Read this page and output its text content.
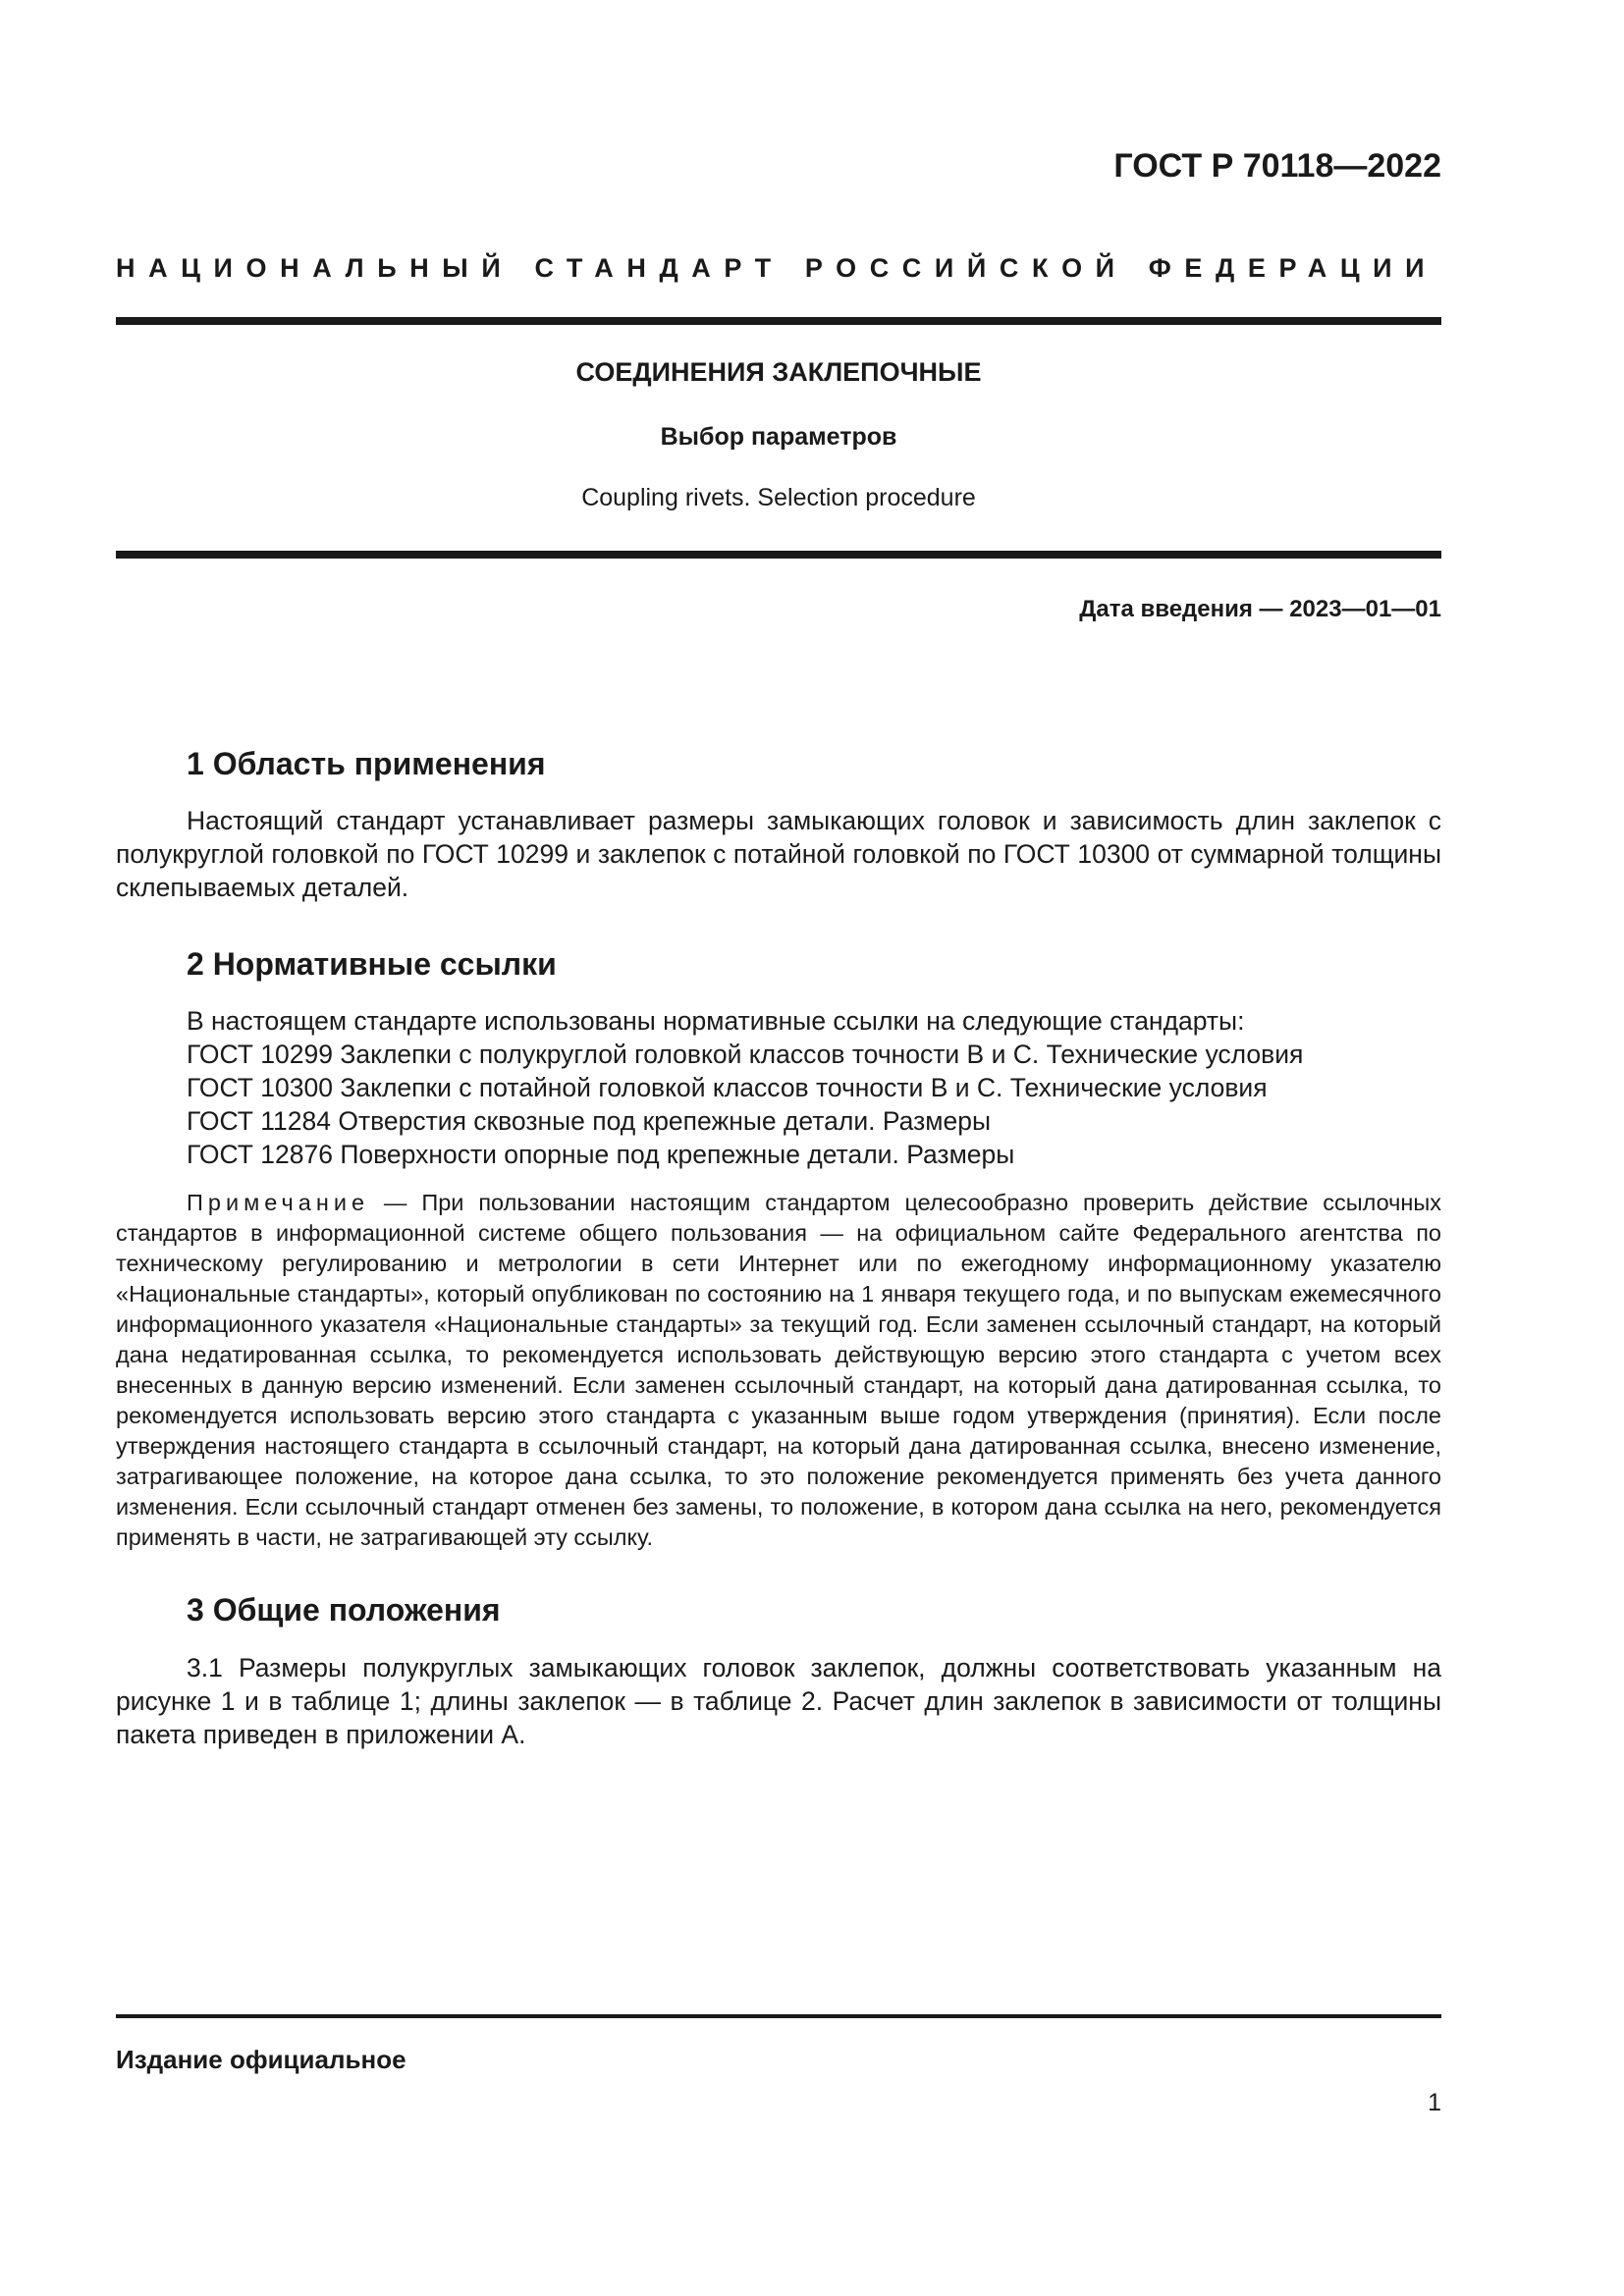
ГОСТ Р 70118—2022
НАЦИОНАЛЬНЫЙ СТАНДАРТ РОССИЙСКОЙ ФЕДЕРАЦИИ
СОЕДИНЕНИЯ ЗАКЛЕПОЧНЫЕ
Выбор параметров
Coupling rivets. Selection procedure
Дата введения — 2023—01—01
1 Область применения

Настоящий стандарт устанавливает размеры замыкающих головок и зависимость длин заклепок с полукруглой головкой по ГОСТ 10299 и заклепок с потайной головкой по ГОСТ 10300 от суммарной толщины склепываемых деталей.

2 Нормативные ссылки
В настоящем стандарте использованы нормативные ссылки на следующие стандарты:
ГОСТ 10299 Заклепки с полукруглой головкой классов точности В и С. Технические условия
ГОСТ 10300 Заклепки с потайной головкой классов точности В и С. Технические условия
ГОСТ 11284 Отверстия сквозные под крепежные детали. Размеры
ГОСТ 12876 Поверхности опорные под крепежные детали. Размеры

Примечание — При пользовании настоящим стандартом целесообразно проверить действие ссылочных стандартов в информационной системе общего пользования — на официальном сайте Федерального агентства по техническому регулированию и метрологии в сети Интернет или по ежегодному информационному указателю «Национальные стандарты», который опубликован по состоянию на 1 января текущего года, и по выпускам ежемесячного информационного указателя «Национальные стандарты» за текущий год. Если заменен ссылочный стандарт, на который дана недатированная ссылка, то рекомендуется использовать действующую версию этого стандарта с учетом всех внесенных в данную версию изменений. Если заменен ссылочный стандарт, на который дана датированная ссылка, то рекомендуется использовать версию этого стандарта с указанным выше годом утверждения (принятия). Если после утверждения настоящего стандарта в ссылочный стандарт, на который дана датированная ссылка, внесено изменение, затрагивающее положение, на которое дана ссылка, то это положение рекомендуется применять без учета данного изменения. Если ссылочный стандарт отменен без замены, то положение, в котором дана ссылка на него, рекомендуется применять в части, не затрагивающей эту ссылку.

3 Общие положения

3.1 Размеры полукруглых замыкающих головок заклепок, должны соответствовать указанным на рисунке 1 и в таблице 1; длины заклепок — в таблице 2. Расчет длин заклепок в зависимости от толщины пакета приведен в приложении А.

Издание официальное
1
